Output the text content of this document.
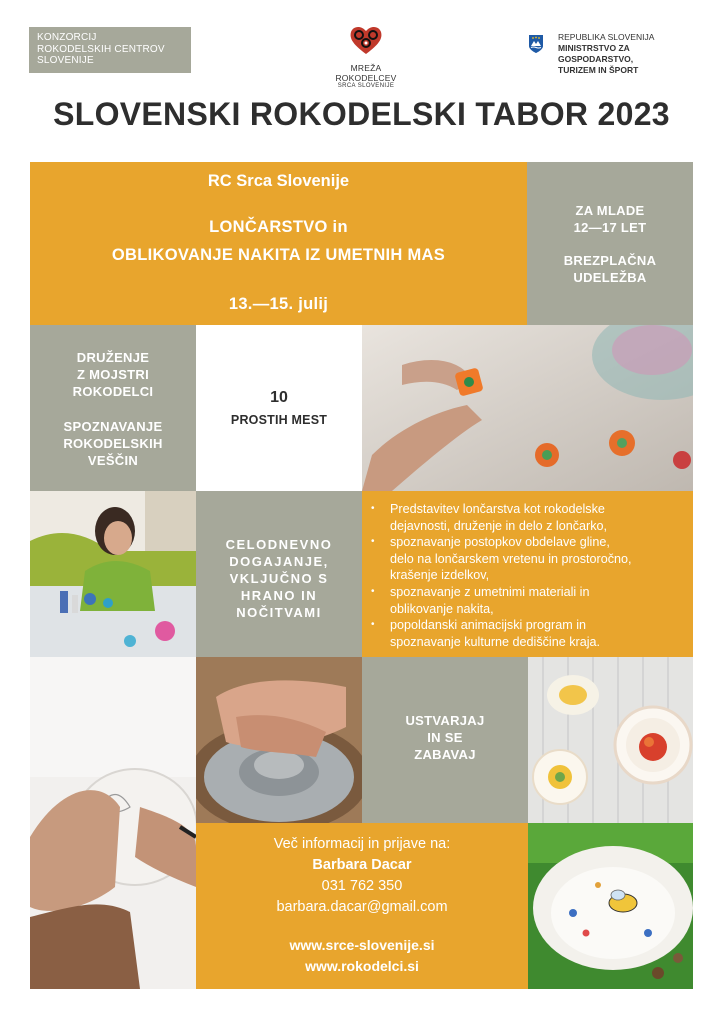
KONZORCIJ
ROKODELSKIH CENTROV
SLOVENIJE
MREŽA ROKODELCEV
SRCA SLOVENIJE
REPUBLIKA SLOVENIJA
MINISTRSTVO ZA GOSPODARSTVO,
TURIZEM IN ŠPORT
SLOVENSKI ROKODELSKI TABOR 2023
RC Srca Slovenije
LONČARSTVO in
OBLIKOVANJE NAKITA IZ UMETNIH MAS
13.—15. julij
ZA MLADE
12—17 LET
BREZPLAČNA
UDELEŽBA
DRUŽENJE
Z MOJSTRI
ROKODELCI
SPOZNAVANJE
ROKODELSKIH
VEŠČIN
10
PROSTIH MEST
CELODNEVNO
DOGAJANJE,
VKLJUČNO S
HRANO IN
NOČITVAMI
• Predstavitev lončarstva kot rokodelske
dejavnosti, druženje in delo z lončarko,
• spoznavanje postopkov obdelave gline,
delo na lončarskem vretenu in prostoročno,
krašenje izdelkov,
• spoznavanje z umetnimi materiali in
oblikovanje nakita,
• popoldanski animacijski program in
spoznavanje kulturne dediščine kraja.
USTVARJAJ
IN SE
ZABAVAJ
Več informacij in prijave na:
Barbara Dacar
031 762 350
barbara.dacar@gmail.com
www.srce-slovenije.si
www.rokodelci.si
